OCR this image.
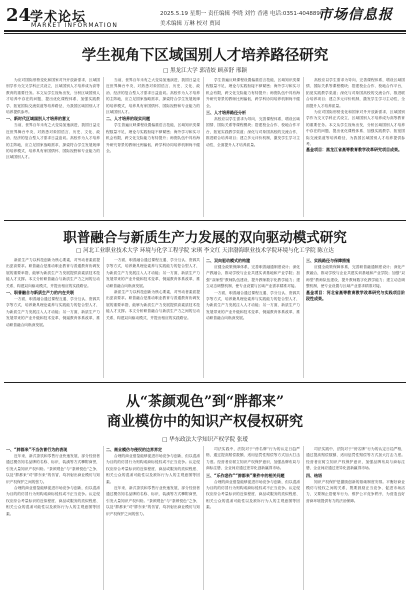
24
学术论坛
MARKET INFORMATION
2025.5.19 星期一 责任编辑 李晓 刘竹 香港 电话:0351-4048890
美术编辑 万琳 校对 贾园
市场信息报
学生视角下区域国别人才培养路径研究
□ 黑龙江大学 郭清姣 顾彦舒 邢颖

为应对国际形势变化和国家对外开放新需求，区域国别学作为交叉学科正式设立，区域国别人才培养成为高等教育的重要任务。本文从学生视角出发，分析区域国别人才培养中存在的问题，提出优化课程体系、加强实践教学、拓宽国际交流渠道等培养路径，为我国区域国别人才培养提供参考。

一、新时代区域国别人才培养的意义

当前，世界百年未有之大变局加速演进，我国日益走近世界舞台中央，对熟悉对象国语言、历史、文化、政治、经济的复合型人才需求日益迫切。高校作为人才培养的主阵地，应立足国家战略需求，探索符合学生发展规律的培养模式，培养具有家国情怀、国际视野和专业能力的区域国别人才。

当前，世界百年未有之大变局加速演进，我国日益走近世界舞台中央，对熟悉对象国语言、历史、文化、政治、经济的复合型人才需求日益迫切。高校作为人才培养的主阵地，应立足国家战略需求，探索符合学生发展规律的培养模式，培养具有家国情怀、国际视野和专业能力的区域国别人才。

二、人才培养的现实问题

学生普遍反映课程设置偏重语言技能，区域知识类课程数量不足，理论与实践衔接不够紧密；海外学习和实习机会有限，跨文化交际能力有待提升；师资队伍中具有海外研究背景的教师比例偏低，跨学科协同培养机制尚不健全。

学生普遍反映课程设置偏重语言技能，区域知识类课程数量不足，理论与实践衔接不够紧密；海外学习和实习机会有限，跨文化交际能力有待提升；师资队伍中具有海外研究背景的教师比例偏低，跨学科协同培养机制尚不健全。

三、人才培养路径分析

高校应以学生需求为导向，完善课程体系，增设区域国情、国际关系等课程模块；搭建校企合作、校地合作平台，拓宽实践教学渠道；深化与对象国高校的交流合作，推进联合培养项目；建立多元评价机制，激发学生学习主动性，全面提升人才培养质量。

高校应以学生需求为导向，完善课程体系，增设区域国情、国际关系等课程模块；搭建校企合作、校地合作平台，拓宽实践教学渠道；深化与对象国高校的交流合作，推进联合培养项目；建立多元评价机制，激发学生学习主动性，全面提升人才培养质量。

为应对国际形势变化和国家对外开放新需求，区域国别学作为交叉学科正式设立，区域国别人才培养成为高等教育的重要任务。本文从学生视角出发，分析区域国别人才培养中存在的问题，提出优化课程体系、加强实践教学、拓宽国际交流渠道等培养路径，为我国区域国别人才培养提供参考。

基金项目：黑龙江省高等教育教学改革研究项目成果。
职普融合与新质生产力发展的双向驱动模式研究
□ 河北工业职业技术大学 环境与化学工程学院 宋琪 李文红 天津渤海职业技术学院环境与化工学院 陈立达

新质生产力以科技创新为核心要素，对劳动者素质提出更高要求。职普融合是推动职业教育与普通教育协调发展的重要举措，能够为新质生产力发展提供高素质技术技能人才支撑。本文分析职普融合与新质生产力之间的互动关系，构建双向驱动模式，并提出相应的实践路径。

一、职普融合与新质生产力的内在关联

一方面，职普融合通过课程互通、学分互认、资源共享等方式，培养兼具理论素养与实践能力的复合型人才，为新质生产力发展注入人才动能；另一方面，新质生产力发展带来的产业升级和技术变革，倒逼教育体系改革，推动职普融合向纵深发展。

一方面，职普融合通过课程互通、学分互认、资源共享等方式，培养兼具理论素养与实践能力的复合型人才，为新质生产力发展注入人才动能；另一方面，新质生产力发展带来的产业升级和技术变革，倒逼教育体系改革，推动职普融合向纵深发展。

新质生产力以科技创新为核心要素，对劳动者素质提出更高要求。职普融合是推动职业教育与普通教育协调发展的重要举措，能够为新质生产力发展提供高素质技术技能人才支撑。本文分析职普融合与新质生产力之间的互动关系，构建双向驱动模式，并提出相应的实践路径。

二、双向驱动模式的构建

应健全政策保障体系，完善职普融通制度设计；深化产教融合，推动学校与企业共建实训基地和产业学院；加强“双师型”教师队伍建设，提升教师数字化教学能力；建立动态调整机制，使专业设置与区域产业需求精准对接。

一方面，职普融合通过课程互通、学分互认、资源共享等方式，培养兼具理论素养与实践能力的复合型人才，为新质生产力发展注入人才动能；另一方面，新质生产力发展带来的产业升级和技术变革，倒逼教育体系改革，推动职普融合向纵深发展。

三、实践路径与保障措施

应健全政策保障体系，完善职普融通制度设计；深化产教融合，推动学校与企业共建实训基地和产业学院；加强“双师型”教师队伍建设，提升教师数字化教学能力；建立动态调整机制，使专业设置与区域产业需求精准对接。

基金项目：河北省高等教育教学改革研究与实践项目阶段性成果。
从“茶颜观色”到“胖都来”
商业模仿中的知识产权侵权研究
□ 华东政法大学知识产权学院 张瑷
一、“胖都来”不当仿冒行为的表现

近年来，新式茶饮和零售行业快速发展，部分经营者通过模仿知名品牌的名称、标识、装潢等方式攀附商誉，引发大量知识产权纠纷。“茶颜观色”与“茶颜悦色”之争，以及“胖都来”对“胖东来”的仿冒，均折射出商业模仿与知识产权保护之间的张力。

合理的商业借鉴能够促进市场竞争与创新，但以混淆为目的的仿冒行为则构成商标侵权或不正当竞争。认定侵权应综合考量标识的近似程度、商品或服务的类似程度、相关公众的混淆可能性以及被诉行为人的主观意图等因素。

二、商业模仿与侵权的边界界定

合理的商业借鉴能够促进市场竞争与创新，但以混淆为目的的仿冒行为则构成商标侵权或不正当竞争。认定侵权应综合考量标识的近似程度、商品或服务的类似程度、相关公众的混淆可能性以及被诉行为人的主观意图等因素。

近年来，新式茶饮和零售行业快速发展，部分经营者通过模仿知名品牌的名称、标识、装潢等方式攀附商誉，引发大量知识产权纠纷。“茶颜观色”与“茶颜悦色”之争，以及“胖都来”对“胖东来”的仿冒，均折射出商业模仿与知识产权保护之间的张力。

司法实践中，法院对于“傍名牌”行为的认定日趋严格，通过提高赔偿数额、适用惩罚性赔偿等方式加大打击力度。经营者应树立知识产权保护意识，加强品牌布局与商标注册，企业间应通过差异化创新赢得市场。

三、“乐作悲作”“胖都来”案件中的相关问题

合理的商业借鉴能够促进市场竞争与创新，但以混淆为目的的仿冒行为则构成商标侵权或不正当竞争。认定侵权应综合考量标识的近似程度、商品或服务的类似程度、相关公众的混淆可能性以及被诉行为人的主观意图等因素。

司法实践中，法院对于“傍名牌”行为的认定日趋严格，通过提高赔偿数额、适用惩罚性赔偿等方式加大打击力度。经营者应树立知识产权保护意识，加强品牌布局与商标注册，企业间应通过差异化创新赢得市场。

四、结语

知识产权保护是激励创新的基础制度安排。平衡好商业模仿与侵权之间的关系，既要鼓励正当竞争、促进市场活力，又要制止搭便车行为、维护公平竞争秩序，为营造良好营商环境提供有力的法治保障。
